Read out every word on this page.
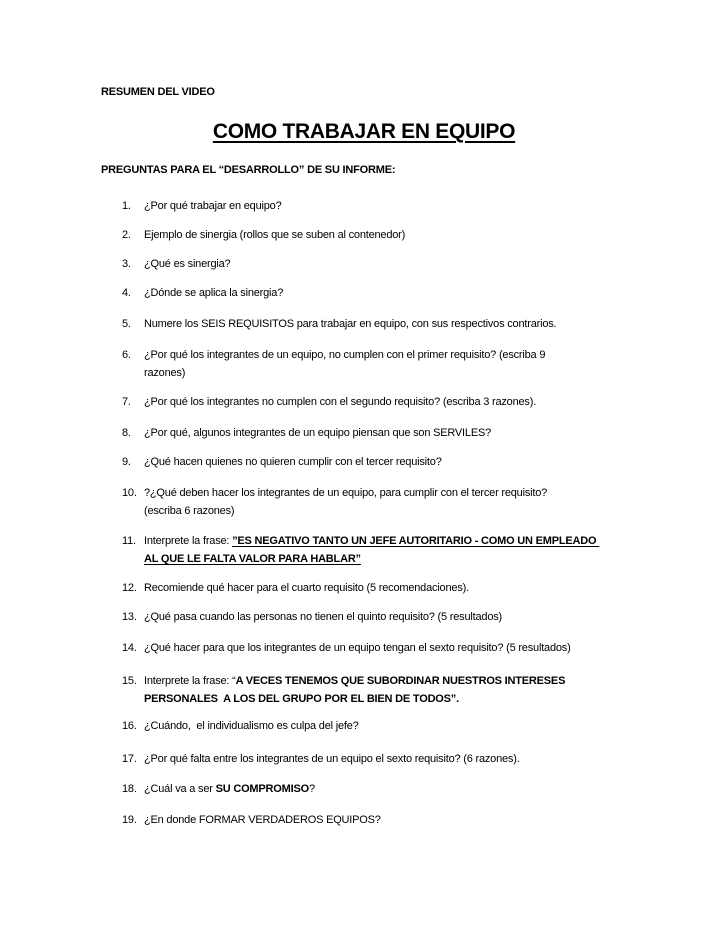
RESUMEN DEL VIDEO
COMO TRABAJAR EN EQUIPO
PREGUNTAS PARA EL “DESARROLLO” DE SU INFORME:
1.	¿Por qué trabajar en equipo?
2.	Ejemplo de sinergia (rollos que se suben al contenedor)
3.	¿Qué es sinergia?
4.	¿Dónde se aplica la sinergia?
5.	Numere los SEIS REQUISITOS para trabajar en equipo, con sus respectivos contrarios.
6.	¿Por qué los integrantes de un equipo, no cumplen con el primer requisito? (escriba 9
razones)
7.	¿Por qué los integrantes no cumplen con el segundo requisito? (escriba 3 razones).
8.	¿Por qué, algunos integrantes de un equipo piensan que son SERVILES?
9.	¿Qué hacen quienes no quieren cumplir con el tercer requisito?
10. ?¿Qué deben hacer los integrantes de un equipo, para cumplir con el tercer requisito?
(escriba 6 razones)
11. Interprete la frase: ”ES NEGATIVO TANTO UN JEFE AUTORITARIO - COMO UN EMPLEADO
AL QUE LE FALTA VALOR PARA HABLAR”
12. Recomiende qué hacer para el cuarto requisito (5 recomendaciones).
13. ¿Qué pasa cuando las personas no tienen el quinto requisito? (5 resultados)
14. ¿Qué hacer para que los integrantes de un equipo tengan el sexto requisito? (5 resultados)
15. Interprete la frase: “A VECES TENEMOS QUE SUBORDINAR NUESTROS INTERESES
PERSONALES  A LOS DEL GRUPO POR EL BIEN DE TODOS”.
16. ¿Cuándo,  el individualismo es culpa del jefe?
17. ¿Por qué falta entre los integrantes de un equipo el sexto requisito? (6 razones).
18. ¿Cuál va a ser SU COMPROMISO?
19. ¿En donde FORMAR VERDADEROS EQUIPOS?
